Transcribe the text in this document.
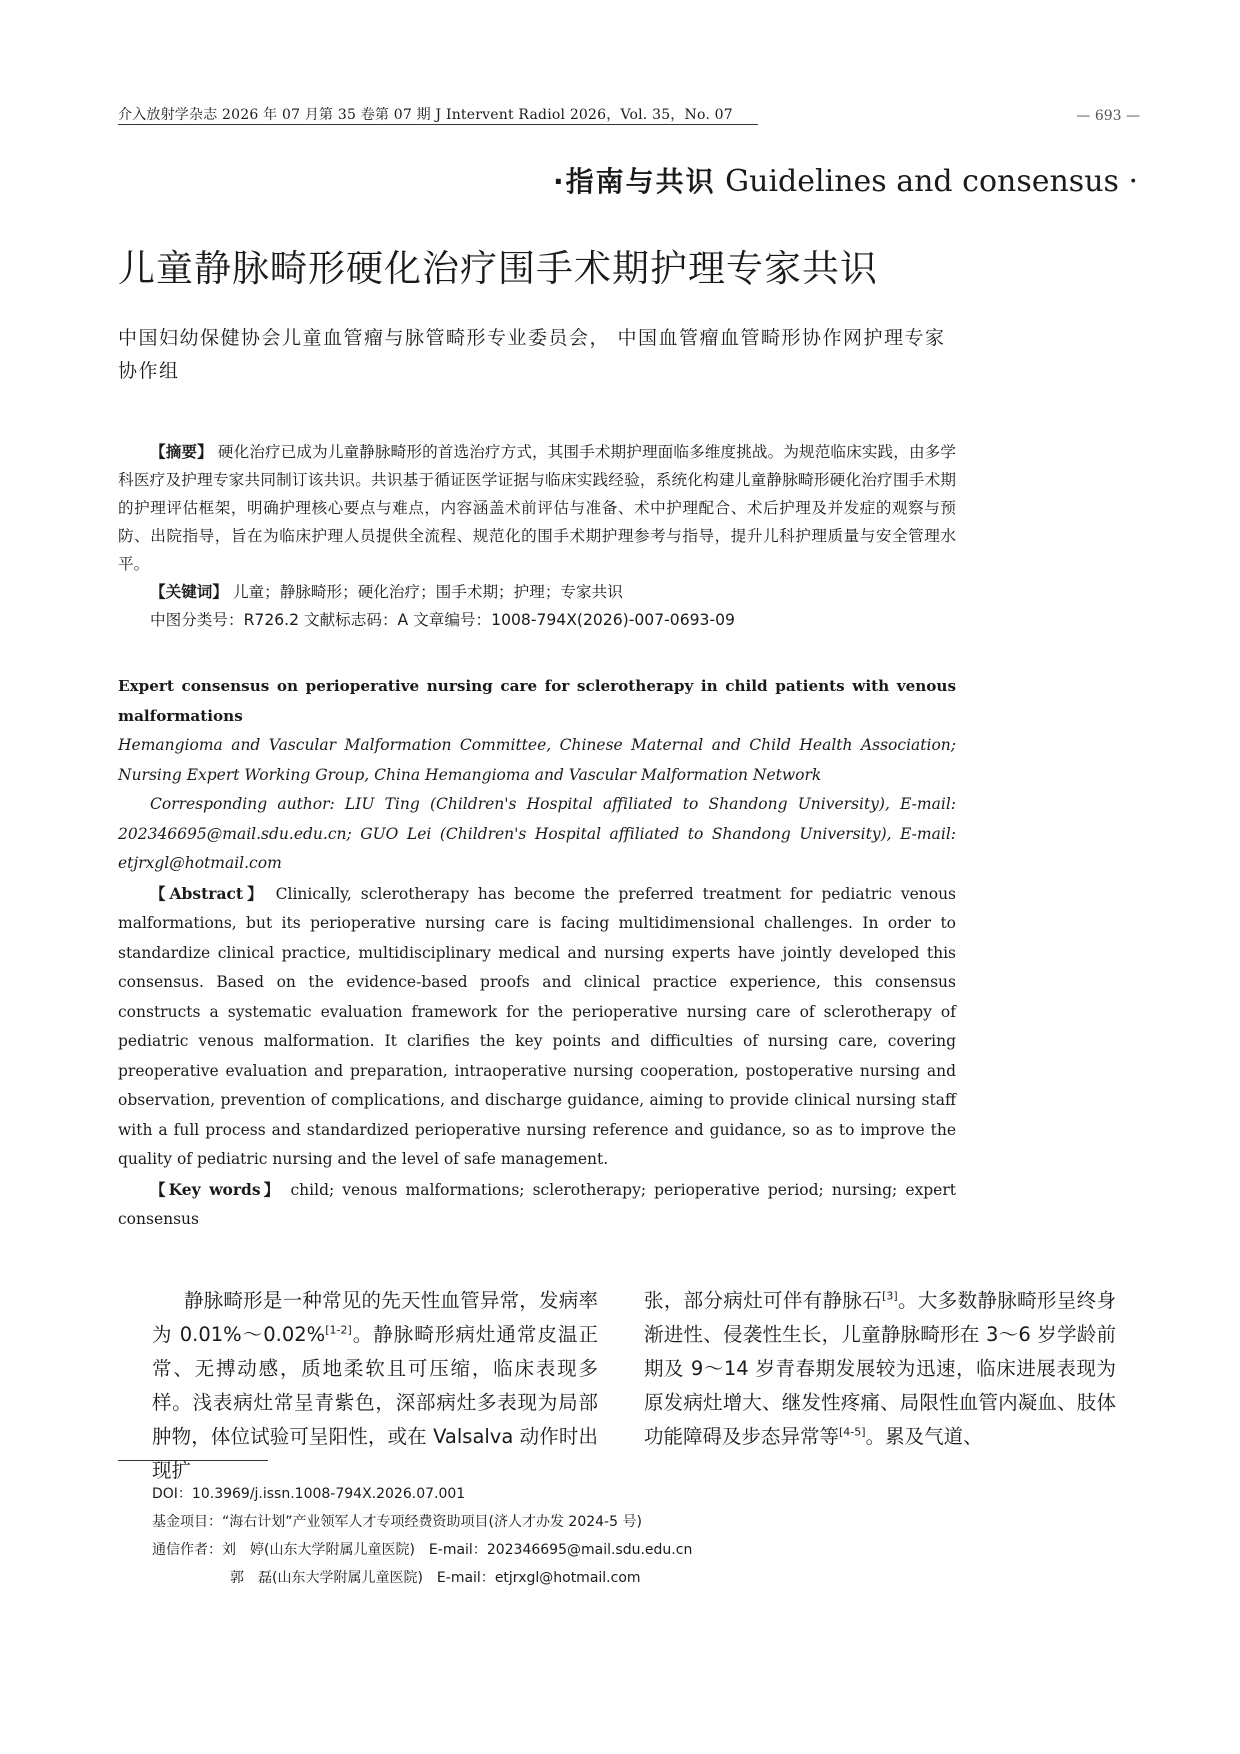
介入放射学杂志 2026 年 07 月第 35 卷第 07 期 J Intervent Radiol 2026，Vol. 35，No. 07	— 693 —
·指南与共识 Guidelines and consensus ·
儿童静脉畸形硬化治疗围手术期护理专家共识
中国妇幼保健协会儿童血管瘤与脉管畸形专业委员会， 中国血管瘤血管畸形协作网护理专家协作组

【摘要】 硬化治疗已成为儿童静脉畸形的首选治疗方式，其围手术期护理面临多维度挑战。为规范临床实践，由多学科医疗及护理专家共同制订该共识。共识基于循证医学证据与临床实践经验，系统化构建儿童静脉畸形硬化治疗围手术期的护理评估框架，明确护理核心要点与难点，内容涵盖术前评估与准备、术中护理配合、术后护理及并发症的观察与预防、出院指导，旨在为临床护理人员提供全流程、规范化的围手术期护理参考与指导，提升儿科护理质量与安全管理水平。

【关键词】 儿童；静脉畸形；硬化治疗；围手术期；护理；专家共识

中图分类号：R726.2 文献标志码：A 文章编号：1008-794X(2026)-007-0693-09

Expert consensus on perioperative nursing care for sclerotherapy in child patients with venous malformations

Hemangioma and Vascular Malformation Committee, Chinese Maternal and Child Health Association; Nursing Expert Working Group, China Hemangioma and Vascular Malformation Network

Corresponding author: LIU Ting (Children's Hospital affiliated to Shandong University), E-mail: 202346695@mail.sdu.edu.cn; GUO Lei (Children's Hospital affiliated to Shandong University), E-mail: etjrxgl@hotmail.com

【Abstract】 Clinically, sclerotherapy has become the preferred treatment for pediatric venous malformations, but its perioperative nursing care is facing multidimensional challenges. In order to standardize clinical practice, multidisciplinary medical and nursing experts have jointly developed this consensus. Based on the evidence-based proofs and clinical practice experience, this consensus constructs a systematic evaluation framework for the perioperative nursing care of sclerotherapy of pediatric venous malformation. It clarifies the key points and difficulties of nursing care, covering preoperative evaluation and preparation, intraoperative nursing cooperation, postoperative nursing and observation, prevention of complications, and discharge guidance, aiming to provide clinical nursing staff with a full process and standardized perioperative nursing reference and guidance, so as to improve the quality of pediatric nursing and the level of safe management.

【Key words】 child; venous malformations; sclerotherapy; perioperative period; nursing; expert consensus

静脉畸形是一种常见的先天性血管异常，发病率为 0.01%～0.02%[1-2]。静脉畸形病灶通常皮温正常、无搏动感，质地柔软且可压缩，临床表现多样。浅表病灶常呈青紫色，深部病灶多表现为局部肿物，体位试验可呈阳性，或在 Valsalva 动作时出现扩
张，部分病灶可伴有静脉石[3]。大多数静脉畸形呈终身渐进性、侵袭性生长，儿童静脉畸形在 3～6 岁学龄前期及 9～14 岁青春期发展较为迅速，临床进展表现为原发病灶增大、继发性疼痛、局限性血管内凝血、肢体功能障碍及步态异常等[4-5]。累及气道、
DOI：10.3969/j.issn.1008-794X.2026.07.001
基金项目：“海右计划”产业领军人才专项经费资助项目(济人才办发 2024-5 号)
通信作者：刘　婷(山东大学附属儿童医院)　E-mail：202346695@mail.sdu.edu.cn
郭　磊(山东大学附属儿童医院)　E-mail：etjrxgl@hotmail.com
